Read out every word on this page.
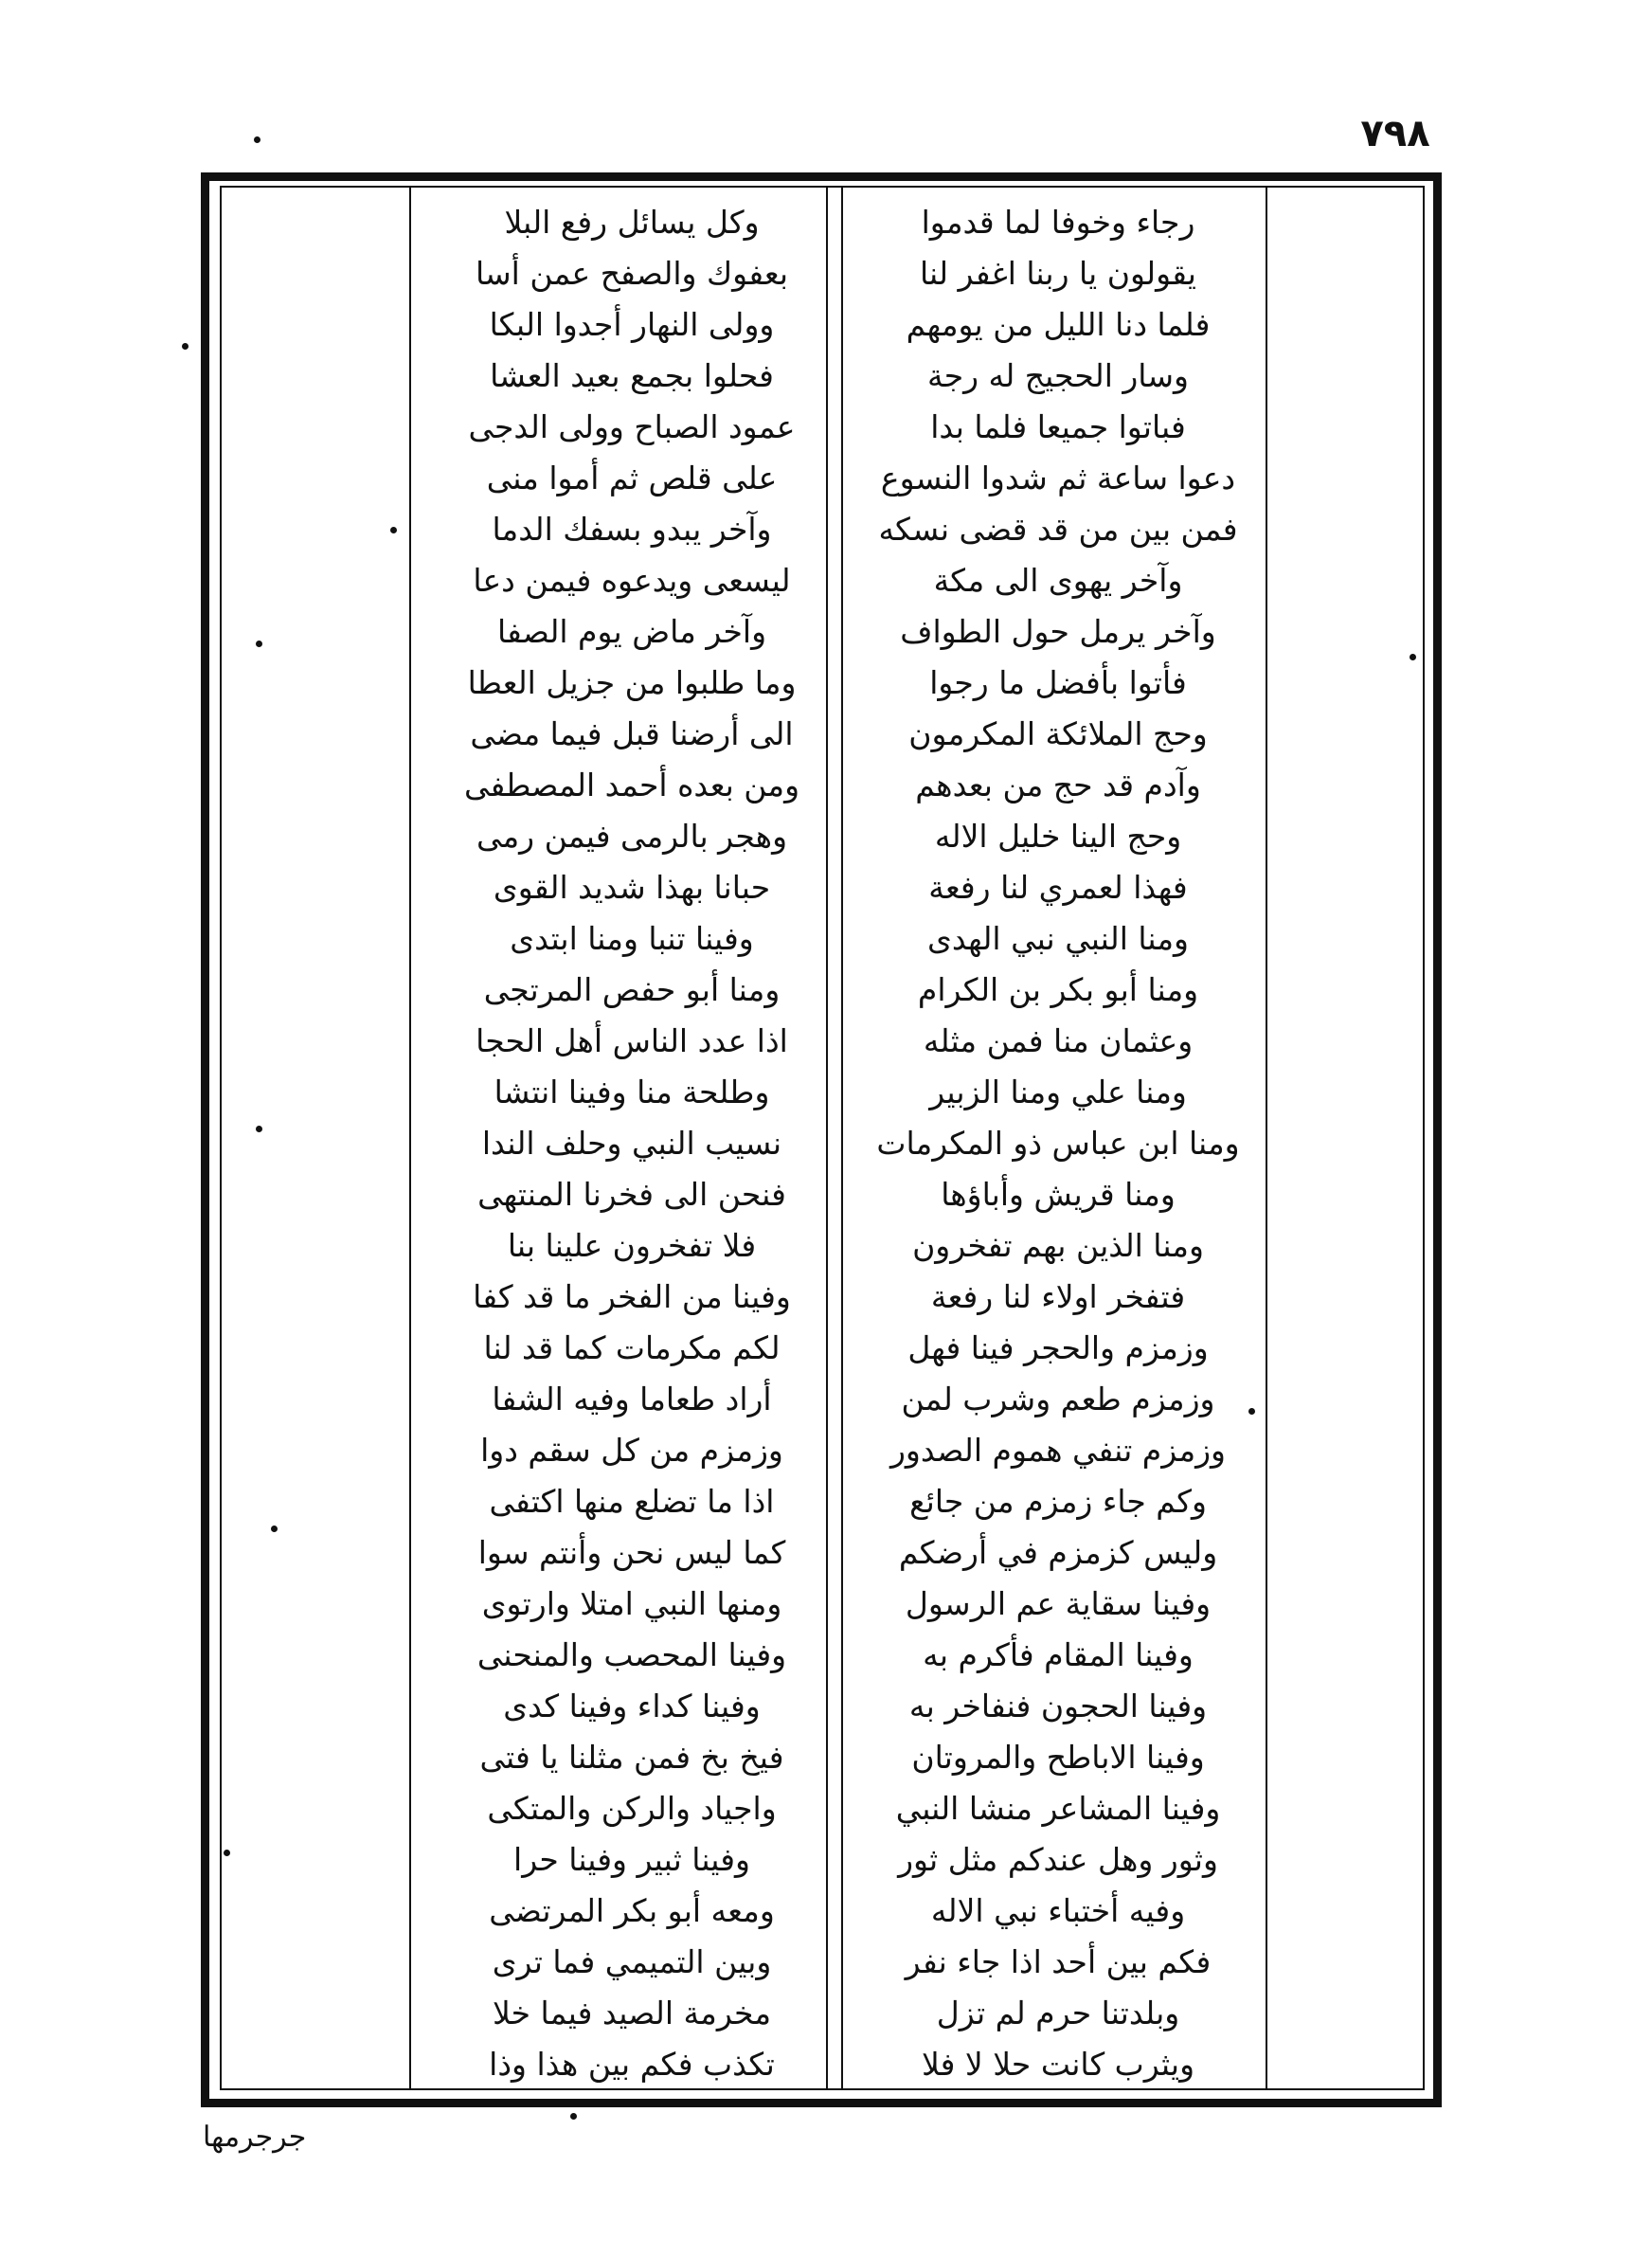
٧٩٨
رجاء وخوفا لما قدموا
يقولون يا ربنا اغفر لنا
فلما دنا الليل من يومهم
وسار الحجيج له رجة
فباتوا جميعا فلما بدا
دعوا ساعة ثم شدوا النسوع
فمن بين من قد قضى نسكه
وآخر يهوى الى مكة
وآخر يرمل حول الطواف
فأتوا بأفضل ما رجوا
وحج الملائكة المكرمون
وآدم قد حج من بعدهم
وحج الينا خليل الاله
فهذا لعمري لنا رفعة
ومنا النبي نبي الهدى
ومنا أبو بكر بن الكرام
وعثمان منا فمن مثله
ومنا علي ومنا الزبير
ومنا ابن عباس ذو المكرمات
ومنا قريش وأباؤها
ومنا الذين بهم تفخرون
فتفخر اولاء لنا رفعة
وزمزم والحجر فينا فهل
وزمزم طعم وشرب لمن
وزمزم تنفي هموم الصدور
وكم جاء زمزم من جائع
وليس كزمزم في أرضكم
وفينا سقاية عم الرسول
وفينا المقام فأكرم به
وفينا الحجون فنفاخر به
وفينا الاباطح والمروتان
وفينا المشاعر منشا النبي
وثور وهل عندكم مثل ثور
وفيه أختباء نبي الاله
فكم بين أحد اذا جاء نفر
وبلدتنا حرم لم تزل
ويثرب كانت حلا لا فلا
وكل يسائل رفع البلا
بعفوك والصفح عمن أسا
وولى النهار أجدوا البكا
فحلوا بجمع بعيد العشا
عمود الصباح وولى الدجى
على قلص ثم أموا منى
وآخر يبدو بسفك الدما
ليسعى ويدعوه فيمن دعا
وآخر ماض يوم الصفا
وما طلبوا من جزيل العطا
الى أرضنا قبل فيما مضى
ومن بعده أحمد المصطفى
وهجر بالرمى فيمن رمى
حبانا بهذا شديد القوى
وفينا تنبا ومنا ابتدى
ومنا أبو حفص المرتجى
اذا عدد الناس أهل الحجا
وطلحة منا وفينا انتشا
نسيب النبي وحلف الندا
فنحن الى فخرنا المنتهى
فلا تفخرون علينا بنا
وفينا من الفخر ما قد كفا
لكم مكرمات كما قد لنا
أراد طعاما وفيه الشفا
وزمزم من كل سقم دوا
اذا ما تضلع منها اكتفى
كما ليس نحن وأنتم سوا
ومنها النبي امتلا وارتوى
وفينا المحصب والمنحنى
وفينا كداء وفينا كدى
فيخ بخ فمن مثلنا يا فتى
واجياد والركن والمتكى
وفينا ثبير وفينا حرا
ومعه أبو بكر المرتضى
وبين التميمي فما ترى
مخرمة الصيد فيما خلا
تكذب فكم بين هذا وذا
جرجرمها
